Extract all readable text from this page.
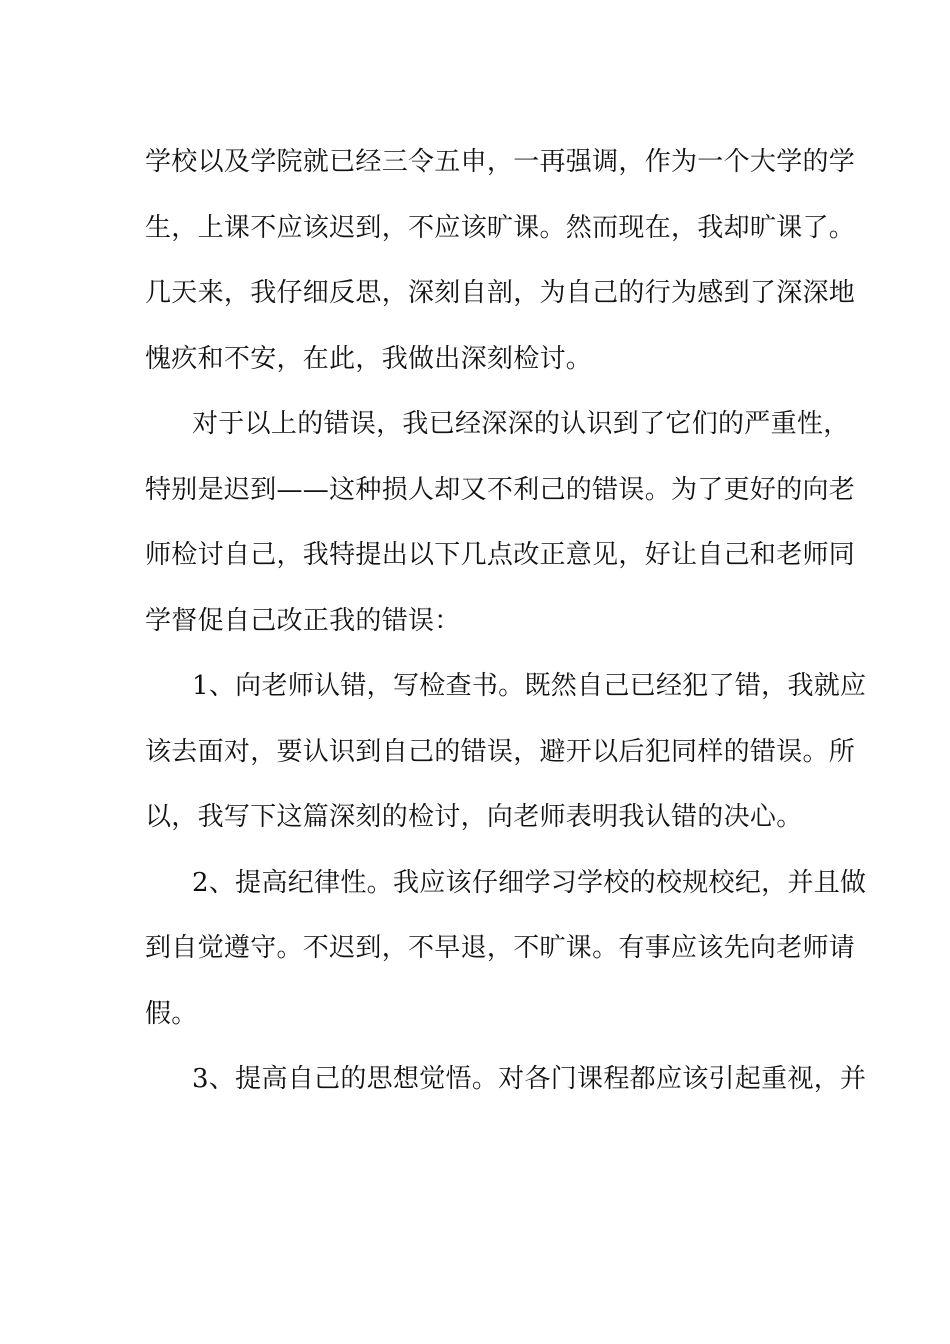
学校以及学院就已经三令五申，一再强调，作为一个大学的学
生，上课不应该迟到，不应该旷课。然而现在，我却旷课了。
几天来，我仔细反思，深刻自剖，为自己的行为感到了深深地
愧疚和不安，在此，我做出深刻检讨。
对于以上的错误，我已经深深的认识到了它们的严重性，
特别是迟到——这种损人却又不利己的错误。为了更好的向老
师检讨自己，我特提出以下几点改正意见，好让自己和老师同
学督促自己改正我的错误：
1、向老师认错，写检查书。既然自己已经犯了错，我就应
该去面对，要认识到自己的错误，避开以后犯同样的错误。所
以，我写下这篇深刻的检讨，向老师表明我认错的决心。
2、提高纪律性。我应该仔细学习学校的校规校纪，并且做
到自觉遵守。不迟到，不早退，不旷课。有事应该先向老师请
假。
3、提高自己的思想觉悟。对各门课程都应该引起重视，并
